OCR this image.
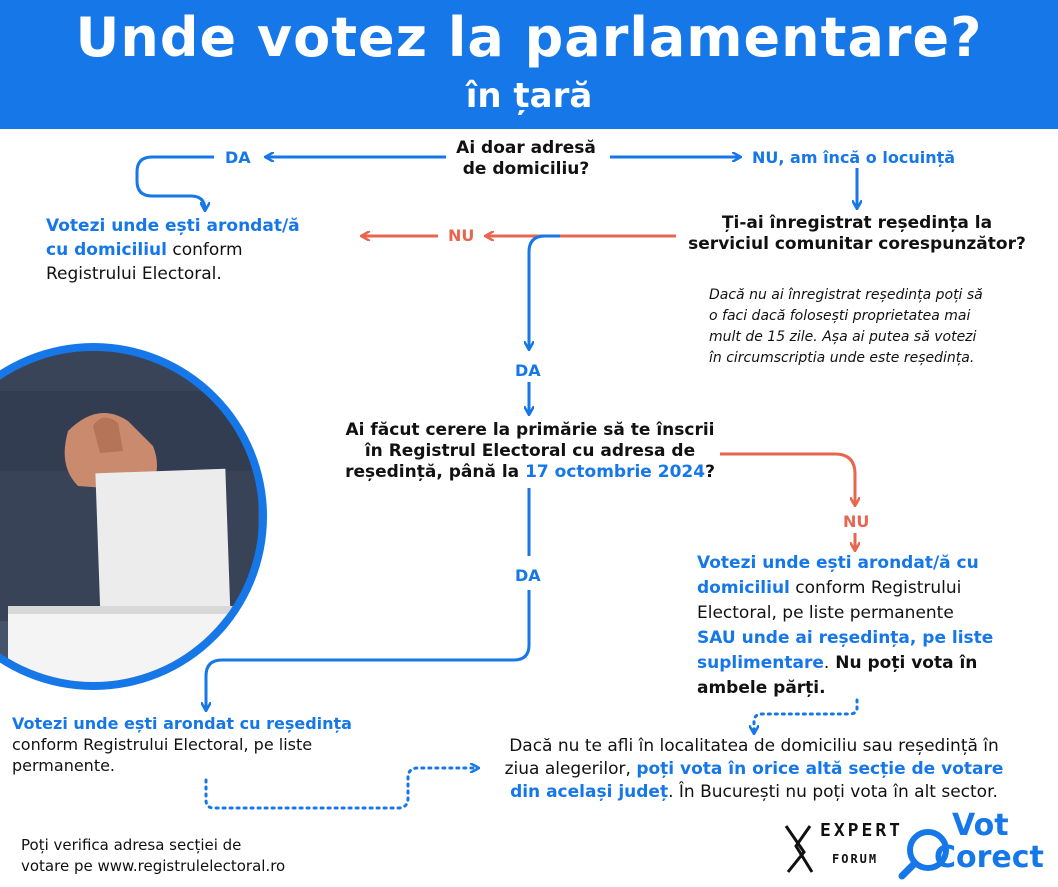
Unde votez la parlamentare?
în țară
Ai doar adresă
de domiciliu?
DA	NU, am încă o locuință
Votezi unde ești arondat/ă
cu domiciliul conform
Registrului Electoral.
Ți-ai înregistrat reședința la
serviciul comunitar corespunzător?
NU
DA
Dacă nu ai înregistrat reședința poți să
o faci dacă folosești proprietatea mai
mult de 15 zile. Așa ai putea să votezi
în circumscriptia unde este reședința.
Ai făcut cerere la primărie să te înscrii
în Registrul Electoral cu adresa de
reședință, până la 17 octombrie 2024?
NU
DA
Votezi unde ești arondat/ă cu
domiciliul conform Registrului
Electoral, pe liste permanente
SAU unde ai reședința, pe liste
suplimentare. Nu poți vota în
ambele părți.
Votezi unde ești arondat cu reședința
conform Registrului Electoral, pe liste
permanente.
Dacă nu te afli în localitatea de domiciliu sau reședință în
ziua alegerilor, poți vota în orice altă secție de votare
din același județ. În București nu poți vota în alt sector.
Poți verifica adresa secției de
votare pe www.registrulelectoral.ro
EXPERT
FORUM
Vot
Corect
